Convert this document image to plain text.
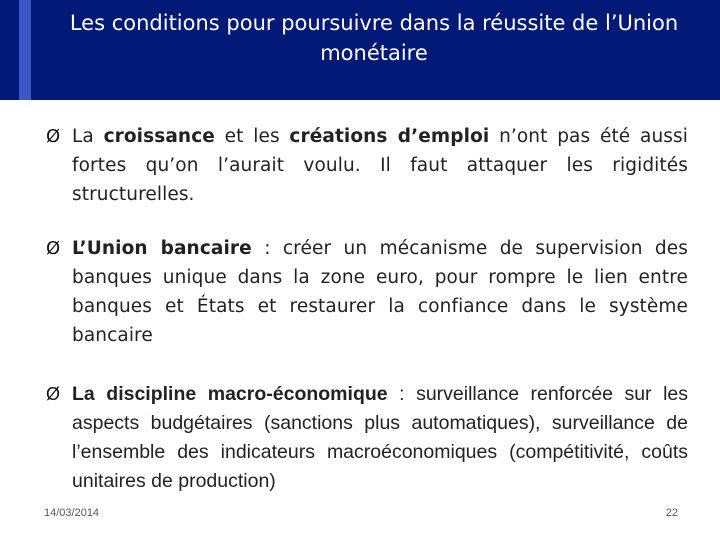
Les conditions pour poursuivre dans la réussite de l’Union monétaire
Ø La croissance et les créations d’emploi n’ont pas été aussi fortes qu’on l’aurait voulu. Il faut attaquer les rigidités structurelles.
Ø L’Union bancaire : créer un mécanisme de supervision des banques unique dans la zone euro, pour rompre le lien entre banques et États et restaurer la confiance dans le système bancaire
Ø La discipline macro-économique : surveillance renforcée sur les aspects budgétaires (sanctions plus automatiques), surveillance de l’ensemble des indicateurs macroéconomiques (compétitivité, coûts unitaires de production)
14/03/2014	22
